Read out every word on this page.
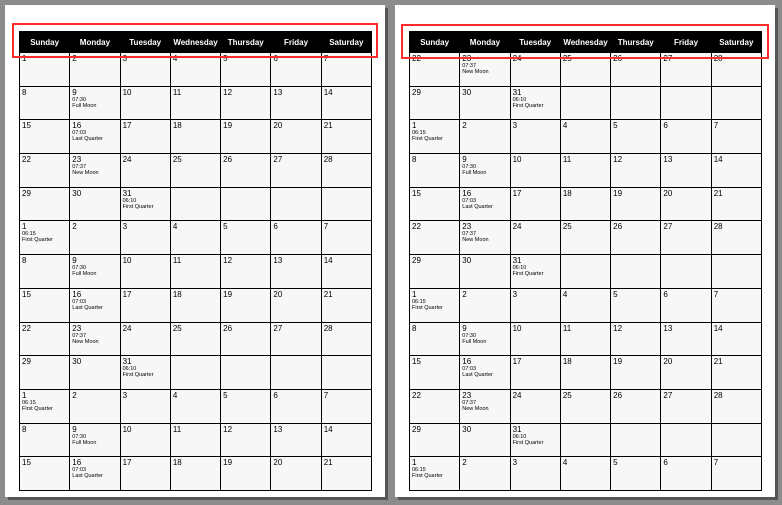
Sunday	Monday	Tuesday	Wednesday	Thursday	Friday	Saturday

1	2	3	4	5	6	7

8	9
07:30
Full Moon	10	11	12	13	14

15	16
07:03
Last Quarter	17	18	19	20	21

22	23
07:37
New Moon	24	25	26	27	28

29	30	31
06:10
First Quarter				

1
06:15
First Quarter	2	3	4	5	6	7

8	9
07:30
Full Moon	10	11	12	13	14

15	16
07:03
Last Quarter	17	18	19	20	21

22	23
07:37
New Moon	24	25	26	27	28

29	30	31
06:10
First Quarter				

1
06:15
First Quarter	2	3	4	5	6	7

8	9
07:30
Full Moon	10	11	12	13	14

15	16
07:03
Last Quarter	17	18	19	20	21
Sunday	Monday	Tuesday	Wednesday	Thursday	Friday	Saturday

22	23
07:37
New Moon	24	25	26	27	28

29	30	31
06:10
First Quarter				

1
06:15
First Quarter	2	3	4	5	6	7

8	9
07:30
Full Moon	10	11	12	13	14

15	16
07:03
Last Quarter	17	18	19	20	21

22	23
07:37
New Moon	24	25	26	27	28

29	30	31
06:10
First Quarter				

1
06:15
First Quarter	2	3	4	5	6	7

8	9
07:30
Full Moon	10	11	12	13	14

15	16
07:03
Last Quarter	17	18	19	20	21

22	23
07:37
New Moon	24	25	26	27	28

29	30	31
06:10
First Quarter				

1
06:15
First Quarter	2	3	4	5	6	7
